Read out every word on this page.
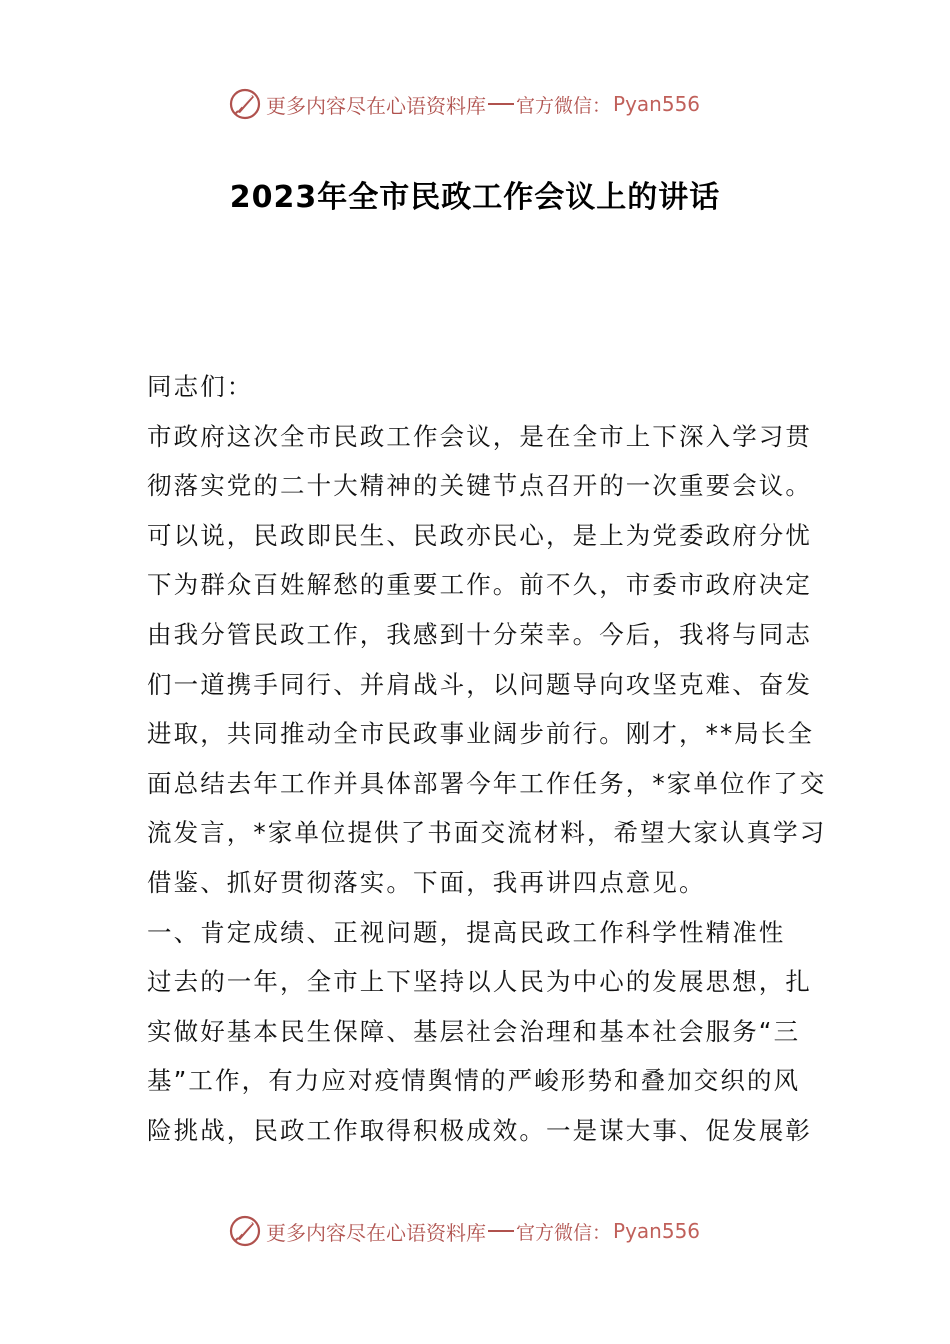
更多内容尽在心语资料库 官方微信： Pyan556
2023年全市民政工作会议上的讲话
同志们：
市政府这次全市民政工作会议，是在全市上下深入学习贯
彻落实党的二十大精神的关键节点召开的一次重要会议。
可以说，民政即民生、民政亦民心，是上为党委政府分忧
下为群众百姓解愁的重要工作。前不久，市委市政府决定
由我分管民政工作，我感到十分荣幸。今后，我将与同志
们一道携手同行、并肩战斗，以问题导向攻坚克难、奋发
进取，共同推动全市民政事业阔步前行。刚才，**局长全
面总结去年工作并具体部署今年工作任务，*家单位作了交
流发言，*家单位提供了书面交流材料，希望大家认真学习
借鉴、抓好贯彻落实。下面，我再讲四点意见。
一、肯定成绩、正视问题，提高民政工作科学性精准性
过去的一年，全市上下坚持以人民为中心的发展思想，扎
实做好基本民生保障、基层社会治理和基本社会服务“三
基”工作，有力应对疫情舆情的严峻形势和叠加交织的风
险挑战，民政工作取得积极成效。一是谋大事、促发展彰
更多内容尽在心语资料库 官方微信： Pyan556
